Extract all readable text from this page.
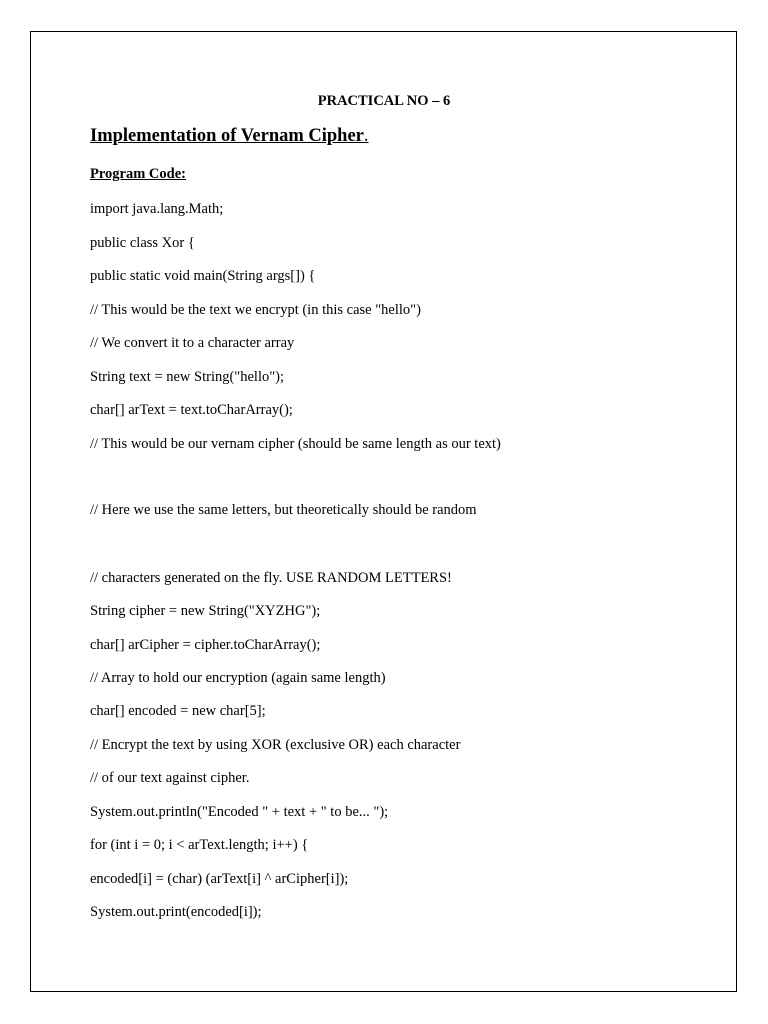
PRACTICAL NO – 6
Implementation of Vernam Cipher.
Program Code:
import java.lang.Math;
public class Xor {
public static void main(String args[]) {
// This would be the text we encrypt (in this case "hello")
// We convert it to a character array
String text = new String("hello");
char[] arText = text.toCharArray();
// This would be our vernam cipher (should be same length as our text)
// Here we use the same letters, but theoretically should be random
// characters generated on the fly. USE RANDOM LETTERS!
String cipher = new String("XYZHG");
char[] arCipher = cipher.toCharArray();
// Array to hold our encryption (again same length)
char[] encoded = new char[5];
// Encrypt the text by using XOR (exclusive OR) each character
// of our text against cipher.
System.out.println("Encoded " + text + " to be... ");
for (int i = 0; i < arText.length; i++) {
encoded[i] = (char) (arText[i] ^ arCipher[i]);
System.out.print(encoded[i]);
